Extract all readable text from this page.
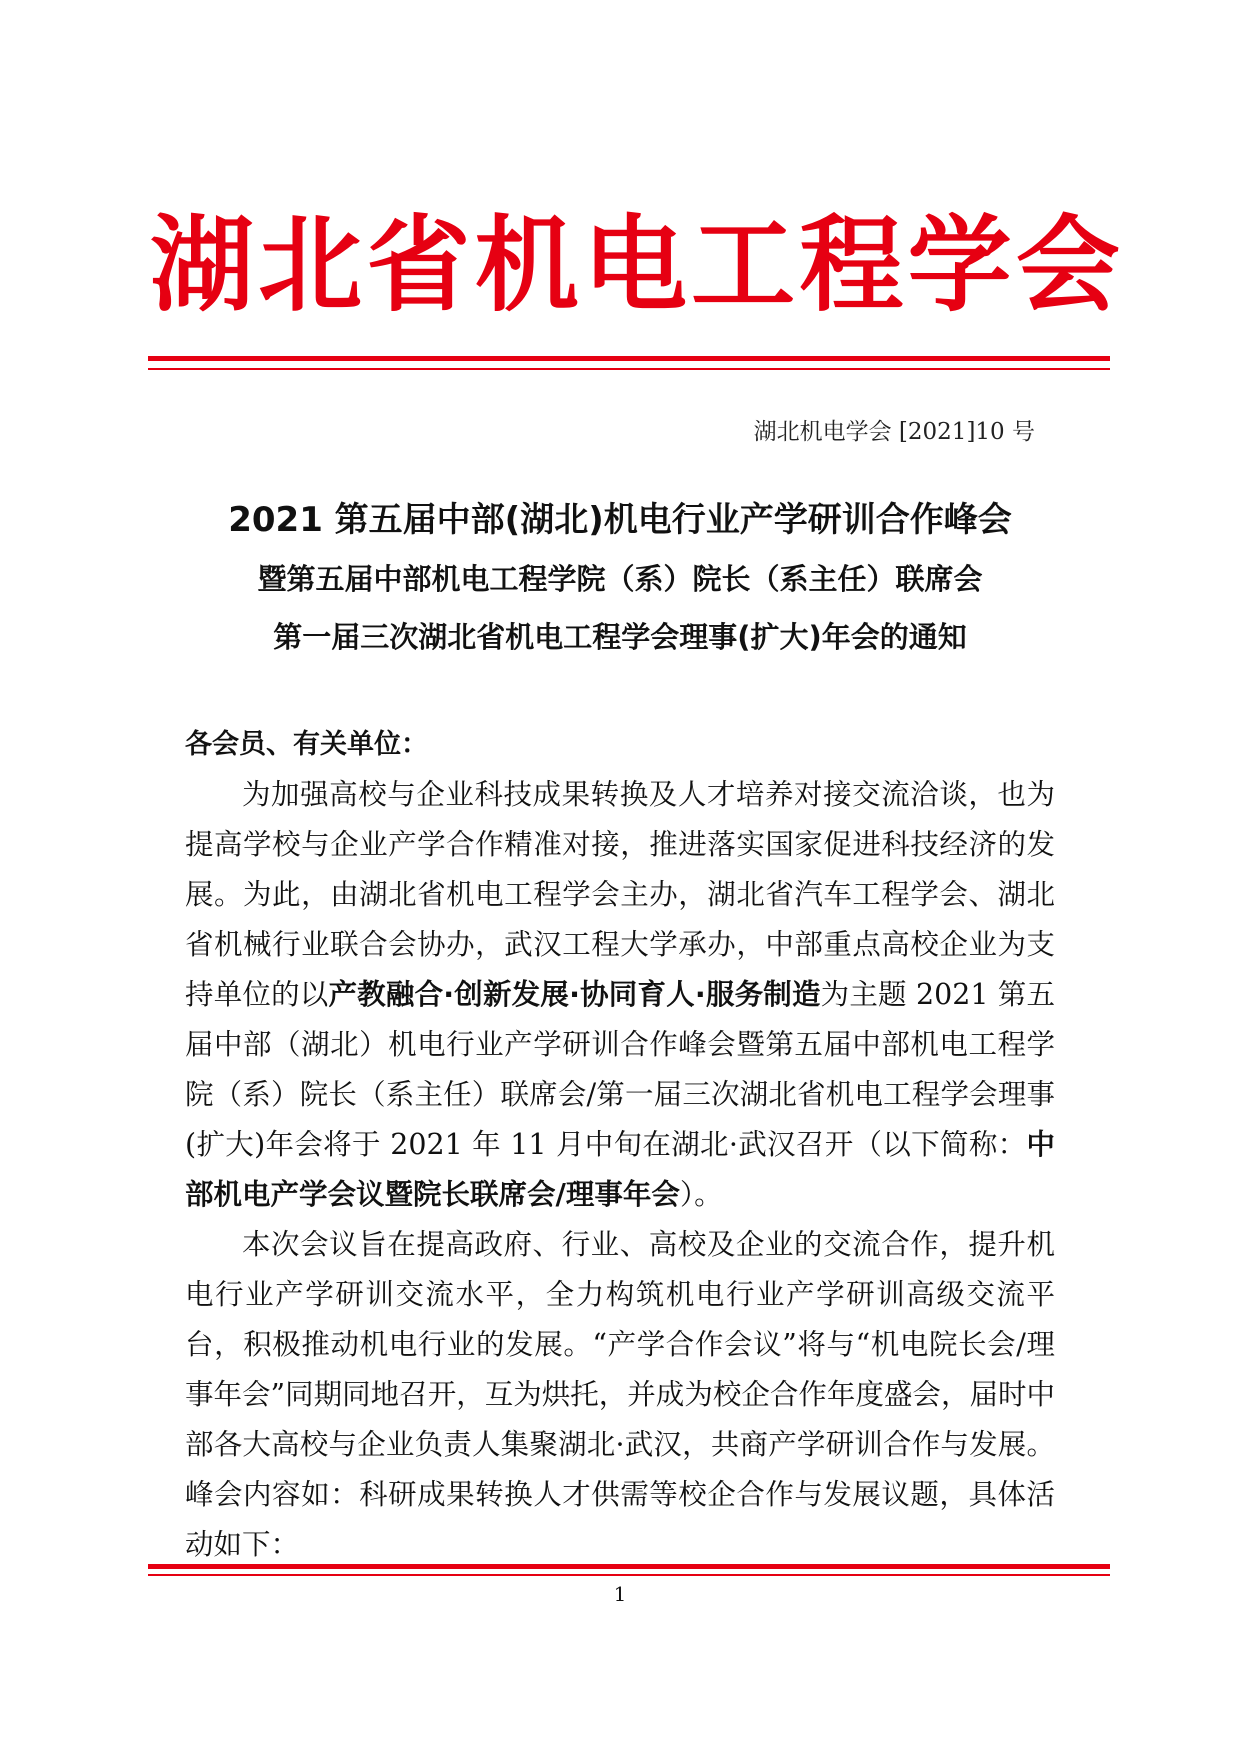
湖 北 省 机 电 工 程 学 会
湖北机电学会 [2021]10 号
2021 第五届中部(湖北)机电行业产学研训合作峰会
暨第五届中部机电工程学院（系）院长（系主任）联席会
第一届三次湖北省机电工程学会理事(扩大)年会的通知
各会员、有关单位：

为加强高校与企业科技成果转换及人才培养对接交流洽谈，也为提高学校与企业产学合作精准对接，推进落实国家促进科技经济的发展。为此，由湖北省机电工程学会主办，湖北省汽车工程学会、湖北省机械行业联合会协办，武汉工程大学承办，中部重点高校企业为支持单位的以产教融合·创新发展·协同育人·服务制造为主题 2021 第五届中部（湖北）机电行业产学研训合作峰会暨第五届中部机电工程学院（系）院长（系主任）联席会/第一届三次湖北省机电工程学会理事(扩大)年会将于 2021 年 11 月中旬在湖北·武汉召开（以下简称：中部机电产学会议暨院长联席会/理事年会）。

本次会议旨在提高政府、行业、高校及企业的交流合作，提升机电行业产学研训交流水平，全力构筑机电行业产学研训高级交流平台，积极推动机电行业的发展。“产学合作会议”将与“机电院长会/理事年会”同期同地召开，互为烘托，并成为校企合作年度盛会，届时中部各大高校与企业负责人集聚湖北·武汉，共商产学研训合作与发展。峰会内容如：科研成果转换人才供需等校企合作与发展议题，具体活动如下：

1
